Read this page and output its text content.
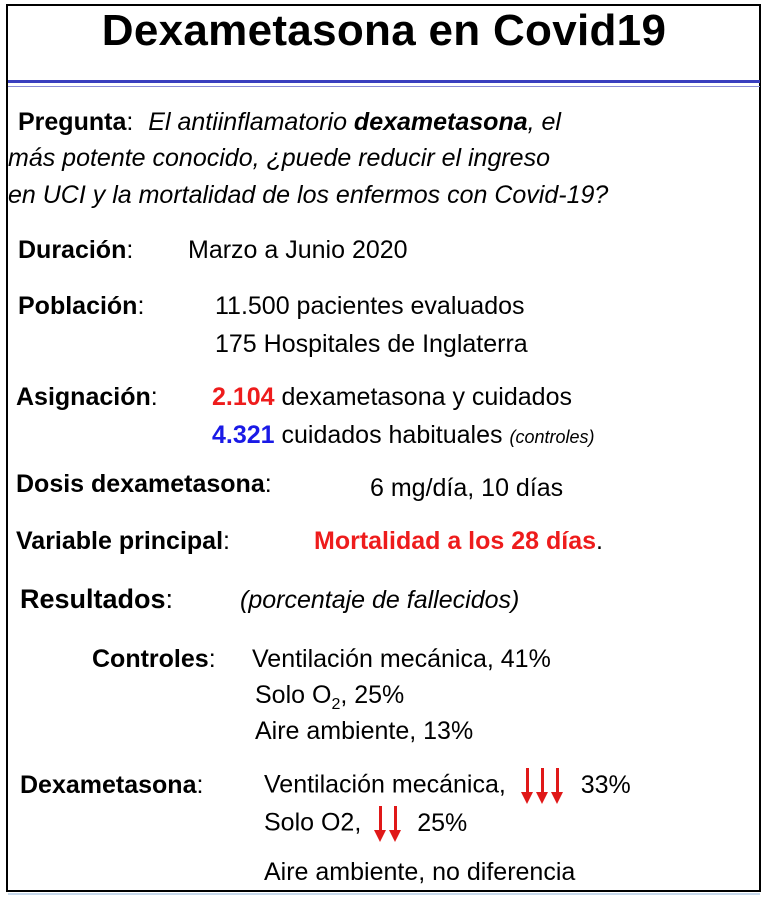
Dexametasona en Covid19
Pregunta: El antiinflamatorio dexametasona, el
más potente conocido, ¿puede reducir el ingreso
en UCI y la mortalidad de los enfermos con Covid-19?
Duración: Marzo a Junio 2020
Población:	11.500 pacientes evaluados
175 Hospitales de Inglaterra
Asignación: 2.104 dexametasona y cuidados
4.321 cuidados habituales (controles)
Dosis dexametasona:	6 mg/día, 10 días
Variable principal:	Mortalidad a los 28 días.
Resultados:	(porcentaje de fallecidos)
Controles: Ventilación mecánica, 41%
Solo $O_2$, 25%
Aire ambiente, 13%
Dexametasona: Ventilación mecánica,	33%
Solo O2, 25%
Aire ambiente, no diferencia
